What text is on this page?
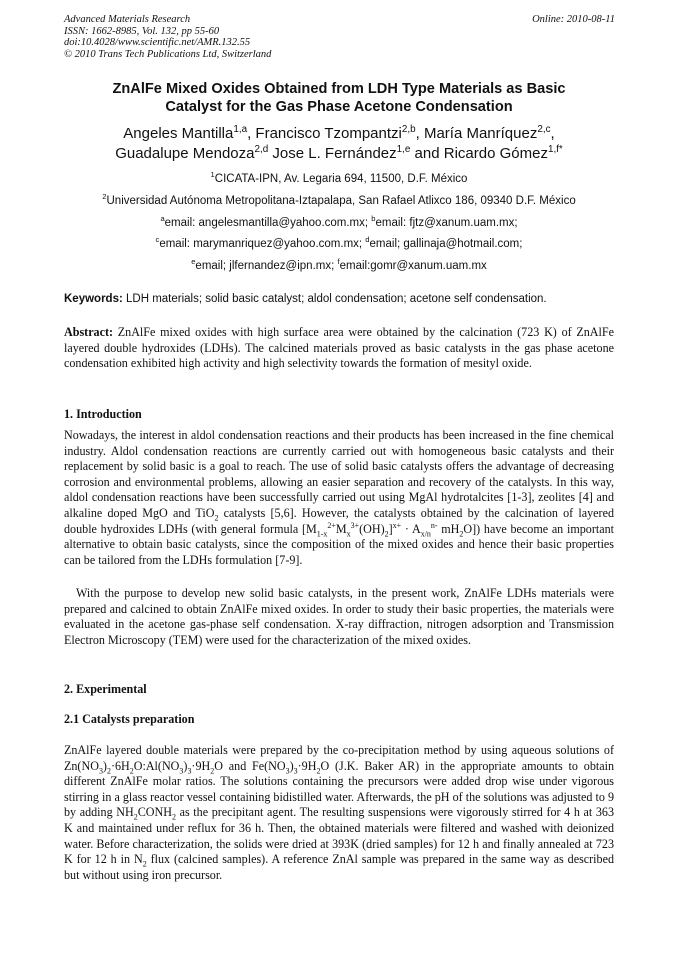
Advanced Materials Research
ISSN: 1662-8985, Vol. 132, pp 55-60
doi:10.4028/www.scientific.net/AMR.132.55
© 2010 Trans Tech Publications Ltd, Switzerland
Online: 2010-08-11
ZnAlFe Mixed Oxides Obtained from LDH Type Materials as Basic
Catalyst for the Gas Phase Acetone Condensation
Angeles Mantilla$^{1,a}$, Francisco Tzompantzi$^{2,b}$, María Manríquez$^{2,c}$,
Guadalupe Mendoza$^{2,d}$ Jose L. Fernández$^{1,e}$ and Ricardo Gómez$^{1,f*}$
$^1$CICATA-IPN, Av. Legaria 694, 11500, D.F. México
$^2$Universidad Autónoma Metropolitana-Iztapalapa, San Rafael Atlixco 186, 09340 D.F. México
$^a$email: angelesmantilla@yahoo.com.mx; $^b$email: fjtz@xanum.uam.mx;
$^c$email: marymanriquez@yahoo.com.mx; $^d$email; gallinaja@hotmail.com;
$^e$email; jlfernandez@ipn.mx; $^f$email:gomr@xanum.uam.mx
Keywords: LDH materials; solid basic catalyst; aldol condensation; acetone self condensation.
Abstract: ZnAlFe mixed oxides with high surface area were obtained by the calcination (723 K) of ZnAlFe layered double hydroxides (LDHs). The calcined materials proved as basic catalysts in the gas phase acetone condensation exhibited high activity and high selectivity towards the formation of mesityl oxide.
1. Introduction
Nowadays, the interest in aldol condensation reactions and their products has been increased in the fine chemical industry. Aldol condensation reactions are currently carried out with homogeneous basic catalysts and their replacement by solid basic is a goal to reach. The use of solid basic catalysts offers the advantage of decreasing corrosion and environmental problems, allowing an easier separation and recovery of the catalysts. In this way, aldol condensation reactions have been successfully carried out using MgAl hydrotalcites [1-3], zeolites [4] and alkaline doped MgO and TiO$_2$ catalysts [5,6]. However, the catalysts obtained by the calcination of layered double hydroxides LDHs (with general formula $[M_{1-x}^{2+}M_x^{3+}(OH)_2]^{x+} \cdot A_{x/n}^{n-}$ $mH_2O$]) have become an important alternative to obtain basic catalysts, since the composition of the mixed oxides and hence their basic properties can be tailored from the LDHs formulation [7-9].
With the purpose to develop new solid basic catalysts, in the present work, ZnAlFe LDHs materials were prepared and calcined to obtain ZnAlFe mixed oxides. In order to study their basic properties, the materials were evaluated in the acetone gas-phase self condensation. X-ray diffraction, nitrogen adsorption and Transmission Electron Microscopy (TEM) were used for the characterization of the mixed oxides.
2. Experimental
2.1 Catalysts preparation
ZnAlFe layered double materials were prepared by the co-precipitation method by using aqueous solutions of $Zn(NO_3)_2\cdot 6H_2O:Al(NO_3)_3\cdot 9H_2O$ and $Fe(NO_3)_3\cdot 9H_2O$ (J.K. Baker AR) in the appropriate amounts to obtain different ZnAlFe molar ratios. The solutions containing the precursors were added drop wise under vigorous stirring in a glass reactor vessel containing bidistilled water. Afterwards, the pH of the solutions was adjusted to 9 by adding $NH_2CONH_2$ as the precipitant agent. The resulting suspensions were vigorously stirred for 4 h at 363 K and maintained under reflux for 36 h. Then, the obtained materials were filtered and washed with deionized water. Before characterization, the solids were dried at 393K (dried samples) for 12 h and finally annealed at 723 K for 12 h in $N_2$ flux (calcined samples). A reference ZnAl sample was prepared in the same way as described but without using iron precursor.
